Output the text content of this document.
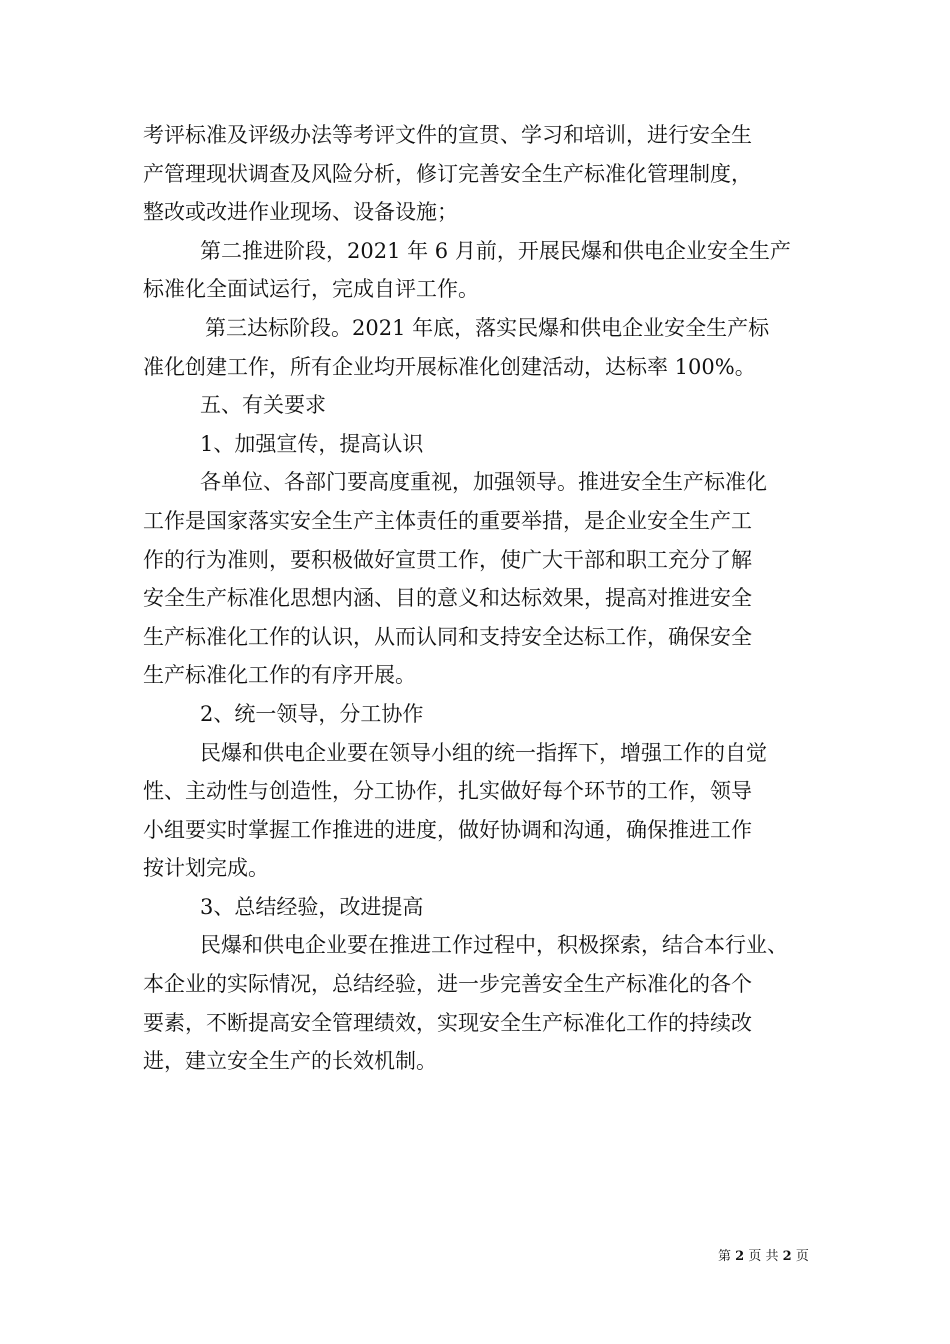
考评标准及评级办法等考评文件的宣贯、学习和培训，进行安全生
产管理现状调查及风险分析，修订完善安全生产标准化管理制度，
整改或改进作业现场、设备设施；
第二推进阶段，2021 年 6 月前，开展民爆和供电企业安全生产
标准化全面试运行，完成自评工作。
第三达标阶段。2021 年底，落实民爆和供电企业安全生产标
准化创建工作，所有企业均开展标准化创建活动，达标率 100%。
五、有关要求
1、加强宣传，提高认识
各单位、各部门要高度重视，加强领导。推进安全生产标准化
工作是国家落实安全生产主体责任的重要举措，是企业安全生产工
作的行为准则，要积极做好宣贯工作，使广大干部和职工充分了解
安全生产标准化思想内涵、目的意义和达标效果，提高对推进安全
生产标准化工作的认识，从而认同和支持安全达标工作，确保安全
生产标准化工作的有序开展。
2、统一领导，分工协作
民爆和供电企业要在领导小组的统一指挥下，增强工作的自觉
性、主动性与创造性，分工协作，扎实做好每个环节的工作，领导
小组要实时掌握工作推进的进度，做好协调和沟通，确保推进工作
按计划完成。
3、总结经验，改进提高
民爆和供电企业要在推进工作过程中，积极探索，结合本行业、
本企业的实际情况，总结经验，进一步完善安全生产标准化的各个
要素，不断提高安全管理绩效，实现安全生产标准化工作的持续改
进，建立安全生产的长效机制。
第 2 页 共 2 页
